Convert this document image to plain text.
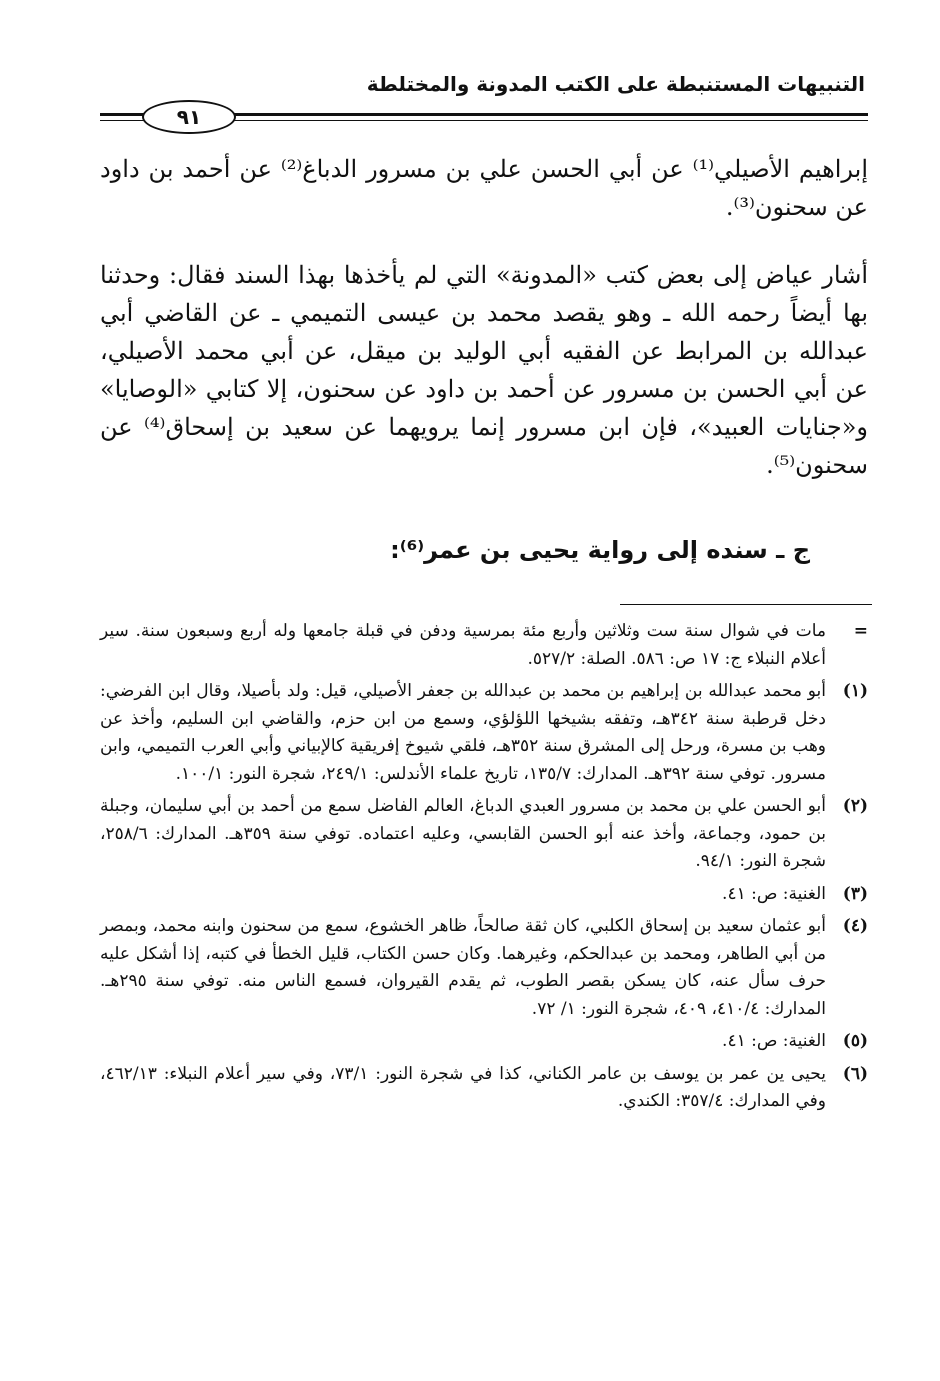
التنبيهات المستنبطة على الكتب المدونة والمختلطة
٩١

إبراهيم الأصيلي⁽¹⁾ عن أبي الحسن علي بن مسرور الدباغ⁽²⁾ عن أحمد بن داود عن سحنون⁽³⁾.

أشار عياض إلى بعض كتب «المدونة» التي لم يأخذها بهذا السند فقال: وحدثنا بها أيضاً رحمه الله ـ وهو يقصد محمد بن عيسى التميمي ـ عن القاضي أبي عبدالله بن المرابط عن الفقيه أبي الوليد بن ميقل، عن أبي محمد الأصيلي، عن أبي الحسن بن مسرور عن أحمد بن داود عن سحنون، إلا كتابي «الوصايا» و«جنايات العبيد»، فإن ابن مسرور إنما يرويهما عن سعيد بن إسحاق⁽⁴⁾ عن سحنون⁽⁵⁾.

ج ـ سنده إلى رواية يحيى بن عمر⁽⁶⁾:
=
مات في شوال سنة ست وثلاثين وأربع مئة بمرسية ودفن في قبلة جامعها وله أربع وسبعون سنة. سير أعلام النبلاء ج: ١٧ ص: ٥٨٦. الصلة: ٥٢٧/٢.
(١)
أبو محمد عبدالله بن إبراهيم بن محمد بن عبدالله بن جعفر الأصيلي، قيل: ولد بأصيلا، وقال ابن الفرضي: دخل قرطبة سنة ٣٤٢هـ، وتفقه بشيخها اللؤلؤي، وسمع من ابن حزم، والقاضي ابن السليم، وأخذ عن وهب بن مسرة، ورحل إلى المشرق سنة ٣٥٢هـ، فلقي شيوخ إفريقية كالإبياني وأبي العرب التميمي، وابن مسرور. توفي سنة ٣٩٢هـ. المدارك: ١٣٥/٧، تاريخ علماء الأندلس: ٢٤٩/١، شجرة النور: ١٠٠/١.
(٢)
أبو الحسن علي بن محمد بن مسرور العبدي الدباغ، العالم الفاضل سمع من أحمد بن أبي سليمان، وجبلة بن حمود، وجماعة، وأخذ عنه أبو الحسن القابسي، وعليه اعتماده. توفي سنة ٣٥٩هـ. المدارك: ٢٥٨/٦، شجرة النور: ٩٤/١.
(٣)
الغنية: ص: ٤١.
(٤)
أبو عثمان سعيد بن إسحاق الكلبي، كان ثقة صالحاً، ظاهر الخشوع، سمع من سحنون وابنه محمد، وبمصر من أبي الطاهر، ومحمد بن عبدالحكم، وغيرهما. وكان حسن الكتاب، قليل الخطأ في كتبه، إذا أشكل عليه حرف سأل عنه، كان يسكن بقصر الطوب، ثم يقدم القيروان، فسمع الناس منه. توفي سنة ٢٩٥هـ. المدارك: ٤١٠/٤، ٤٠٩، شجرة النور: ١/ ٧٢.
(٥)
الغنية: ص: ٤١.
(٦)
يحيى ين عمر بن يوسف بن عامر الكناني، كذا في شجرة النور: ٧٣/١، وفي سير أعلام النبلاء: ٤٦٢/١٣، وفي المدارك: ٣٥٧/٤: الكندي.
